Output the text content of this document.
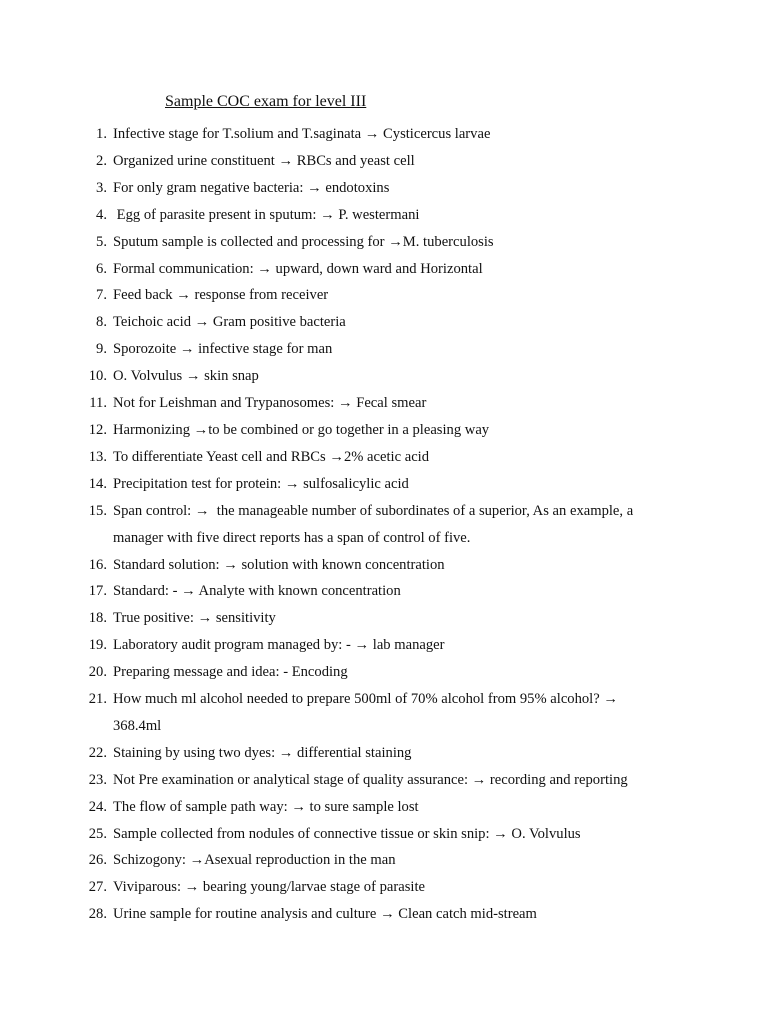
Sample COC exam for level III
1. Infective stage for T.solium and T.saginata → Cysticercus larvae
2. Organized urine constituent → RBCs and yeast cell
3. For only gram negative bacteria: → endotoxins
4. Egg of parasite present in sputum: → P. westermani
5. Sputum sample is collected and processing for →M. tuberculosis
6. Formal communication: → upward, down ward and Horizontal
7. Feed back → response from receiver
8. Teichoic acid → Gram positive bacteria
9. Sporozoite → infective stage for man
10. O. Volvulus → skin snap
11. Not for Leishman and Trypanosomes: → Fecal smear
12. Harmonizing →to be combined or go together in a pleasing way
13. To differentiate Yeast cell and RBCs →2% acetic acid
14. Precipitation test for protein: → sulfosalicylic acid
15. Span control: →  the manageable number of subordinates of a superior, As an example, a manager with five direct reports has a span of control of five.
16. Standard solution: → solution with known concentration
17. Standard: - → Analyte with known concentration
18. True positive: → sensitivity
19. Laboratory audit program managed by: - → lab manager
20. Preparing message and idea: - Encoding
21. How much ml alcohol needed to prepare 500ml of 70% alcohol from 95% alcohol? → 368.4ml
22. Staining by using two dyes: → differential staining
23. Not Pre examination or analytical stage of quality assurance: → recording and reporting
24. The flow of sample path way: → to sure sample lost
25. Sample collected from nodules of connective tissue or skin snip: → O. Volvulus
26. Schizogony: →Asexual reproduction in the man
27. Viviparous: → bearing young/larvae stage of parasite
28. Urine sample for routine analysis and culture → Clean catch mid-stream
